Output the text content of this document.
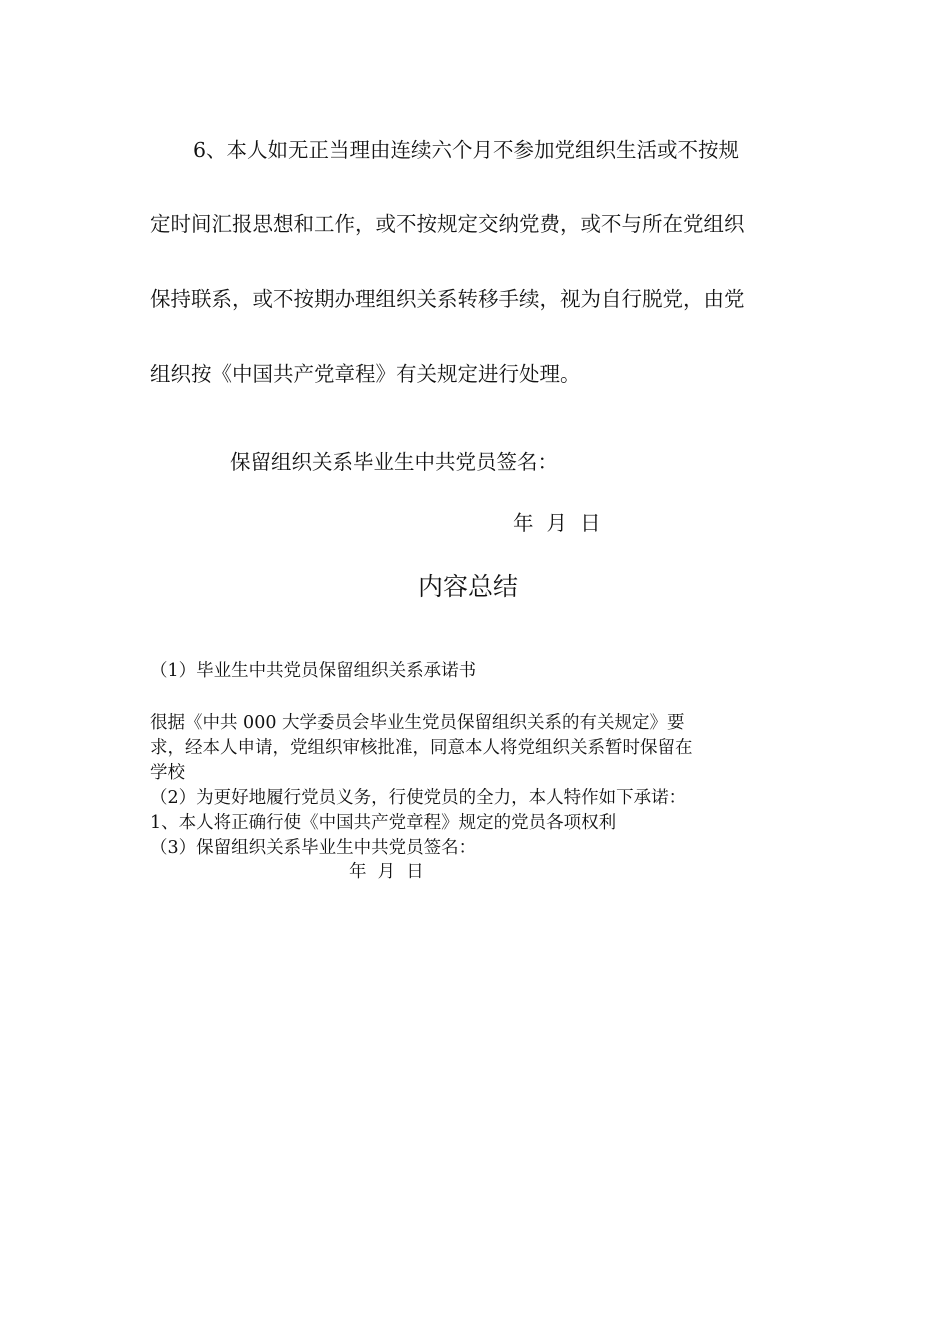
6、本人如无正当理由连续六个月不参加党组织生活或不按规
定时间汇报思想和工作，或不按规定交纳党费，或不与所在党组织
保持联系，或不按期办理组织关系转移手续，视为自行脱党，由党
组织按《中国共产党章程》有关规定进行处理。
保留组织关系毕业生中共党员签名：
年  月  日
内容总结
（1）毕业生中共党员保留组织关系承诺书
很据《中共 000 大学委员会毕业生党员保留组织关系的有关规定》要
求，经本人申请，党组织审核批准，同意本人将党组织关系暂时保留在
学校
（2）为更好地履行党员义务，行使党员的全力，本人特作如下承诺：
1、本人将正确行使《中国共产党章程》规定的党员各项权利
（3）保留组织关系毕业生中共党员签名：
年  月  日
